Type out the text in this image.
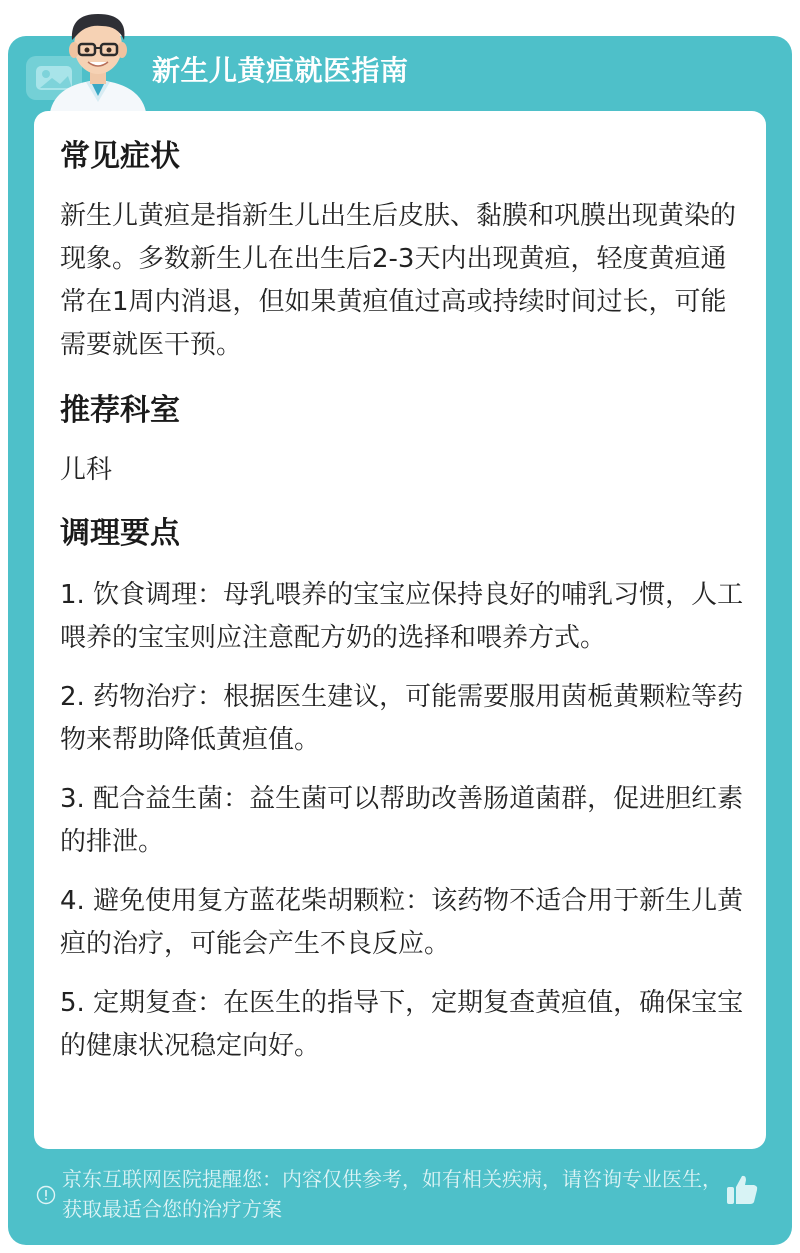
新生儿黄疸就医指南
常见症状

新生儿黄疸是指新生儿出生后皮肤、黏膜和巩膜出现黄染的现象。多数新生儿在出生后2-3天内出现黄疸，轻度黄疸通常在1周内消退，但如果黄疸值过高或持续时间过长，可能需要就医干预。

推荐科室

儿科

调理要点

1. 饮食调理：母乳喂养的宝宝应保持良好的哺乳习惯，人工喂养的宝宝则应注意配方奶的选择和喂养方式。

2. 药物治疗：根据医生建议，可能需要服用茵栀黄颗粒等药物来帮助降低黄疸值。

3. 配合益生菌：益生菌可以帮助改善肠道菌群，促进胆红素的排泄。

4. 避免使用复方蓝花柴胡颗粒：该药物不适合用于新生儿黄疸的治疗，可能会产生不良反应。

5. 定期复查：在医生的指导下，定期复查黄疸值，确保宝宝的健康状况稳定向好。

京东互联网医院提醒您：内容仅供参考，如有相关疾病，请咨询专业医生，获取最适合您的治疗方案
